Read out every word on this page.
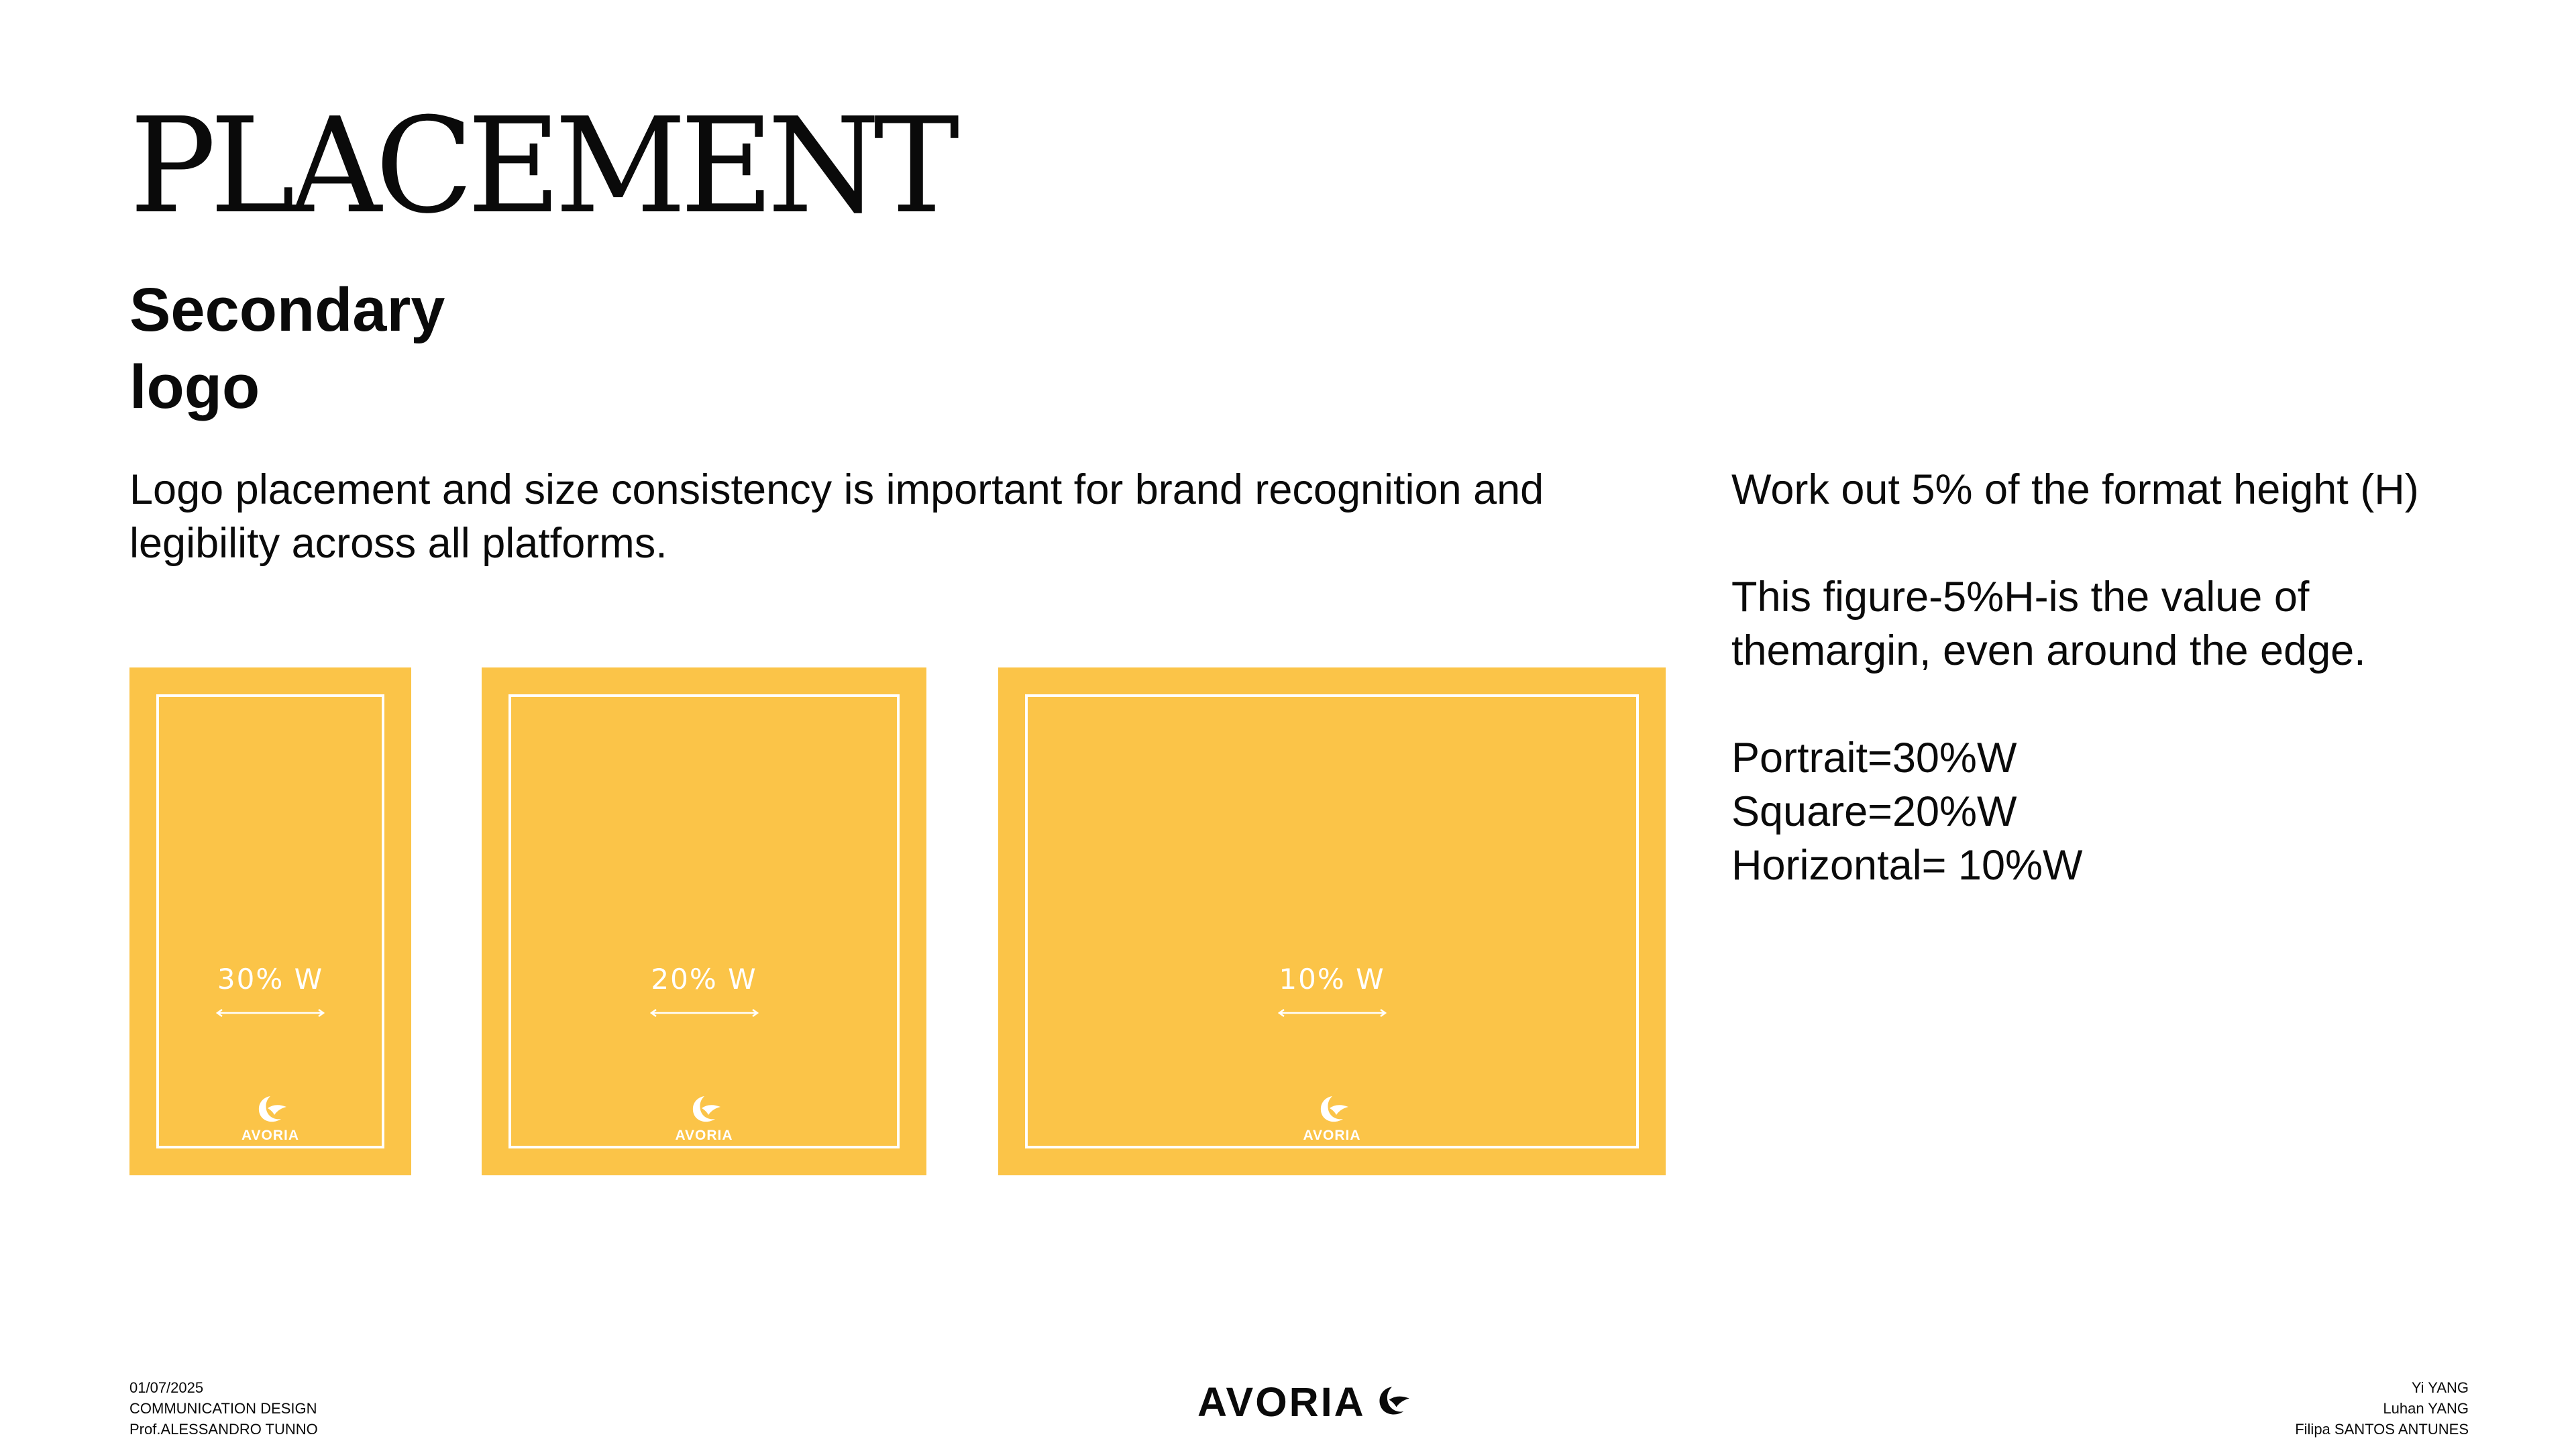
PLACEMENT
Secondary
logo

Logo placement and size consistency is important for brand recognition and legibility across all platforms.

Work out 5% of the format height (H)

This figure-5%H-is the value of themargin, even around the edge.

Portrait=30%W

Square=20%W

Horizontal= 10%W

30% W
AVORIA
20% W
AVORIA
10% W
AVORIA
01/07/2025
COMMUNICATION DESIGN
Prof.ALESSANDRO TUNNO
AVORIA	Yi YANG
Luhan YANG
Filipa SANTOS ANTUNES
